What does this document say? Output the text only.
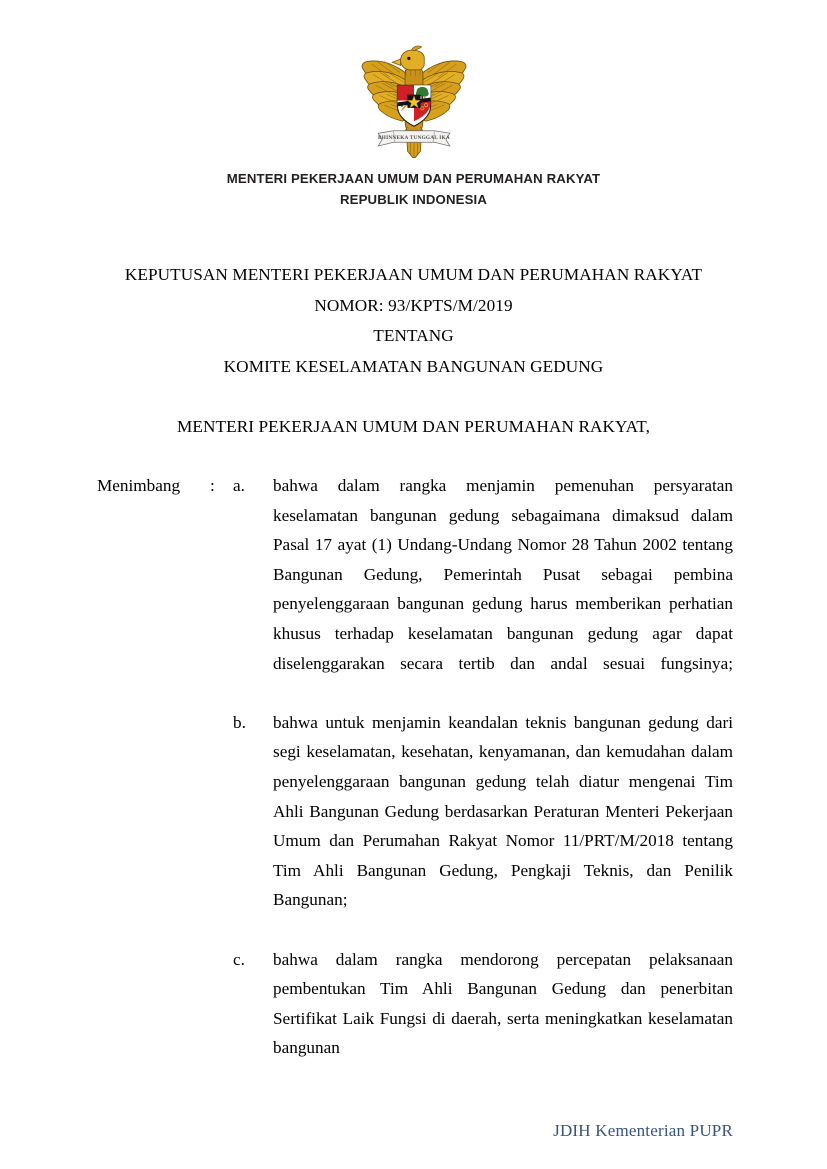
BHINNEKA TUNGGAL IKA
MENTERI PEKERJAAN UMUM DAN PERUMAHAN RAKYAT
REPUBLIK INDONESIA
KEPUTUSAN MENTERI PEKERJAAN UMUM DAN PERUMAHAN RAKYAT
NOMOR: 93/KPTS/M/2019
TENTANG
KOMITE KESELAMATAN BANGUNAN GEDUNG
MENTERI PEKERJAAN UMUM DAN PERUMAHAN RAKYAT,
Menimbang	:	a.	bahwa dalam rangka menjamin pemenuhan persyaratan keselamatan bangunan gedung sebagaimana dimaksud dalam Pasal 17 ayat (1) Undang-Undang Nomor 28 Tahun 2002 tentang Bangunan Gedung, Pemerintah Pusat sebagai pembina penyelenggaraan bangunan gedung harus memberikan perhatian khusus terhadap keselamatan bangunan gedung agar dapat diselenggarakan secara tertib dan andal sesuai fungsinya;
b.	bahwa untuk menjamin keandalan teknis bangunan gedung dari segi keselamatan, kesehatan, kenyamanan, dan kemudahan dalam penyelenggaraan bangunan gedung telah diatur mengenai Tim Ahli Bangunan Gedung berdasarkan Peraturan Menteri Pekerjaan Umum dan Perumahan Rakyat Nomor 11/PRT/M/2018 tentang Tim Ahli Bangunan Gedung, Pengkaji Teknis, dan Penilik Bangunan;
c.	bahwa dalam rangka mendorong percepatan pelaksanaan pembentukan Tim Ahli Bangunan Gedung dan penerbitan Sertifikat Laik Fungsi di daerah, serta meningkatkan keselamatan bangunan
JDIH Kementerian PUPR
